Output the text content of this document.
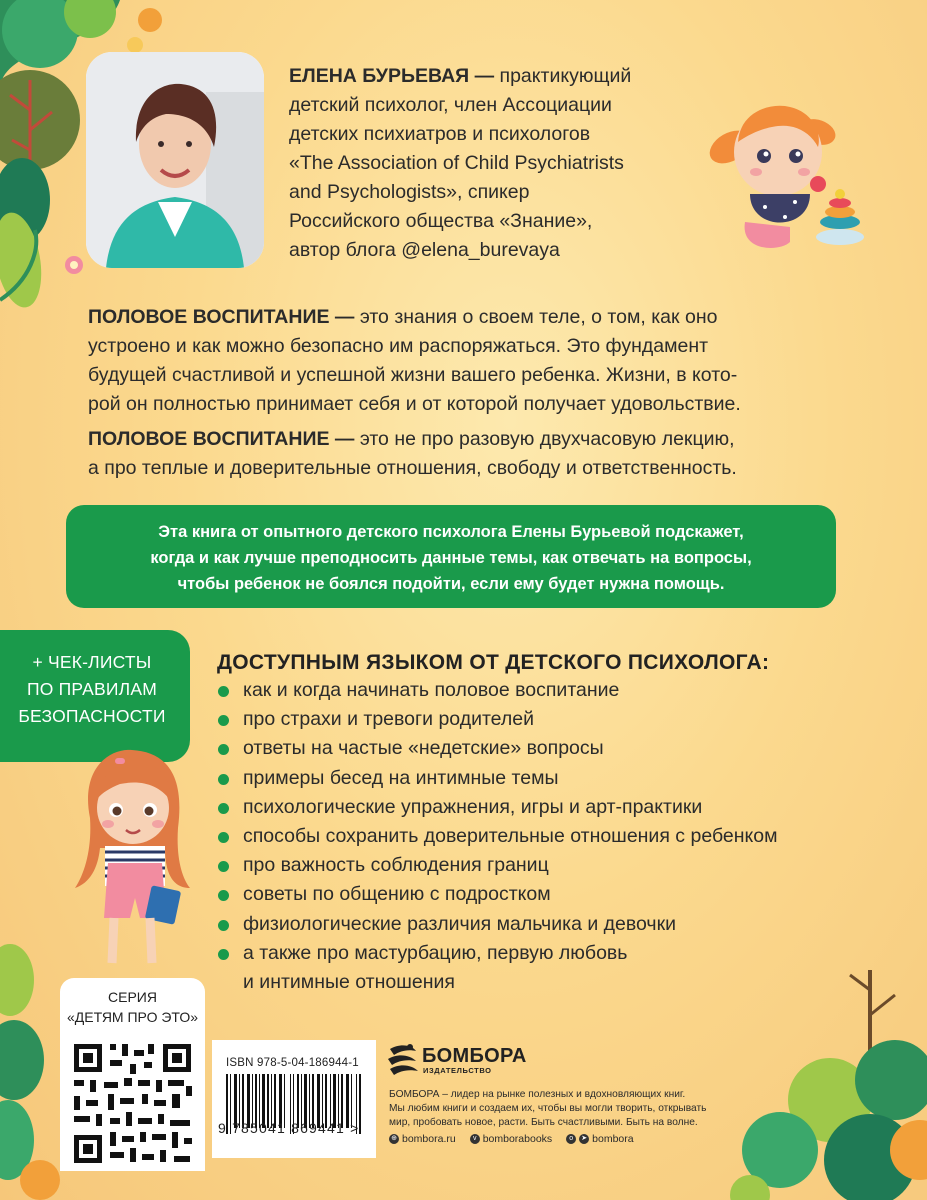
ЕЛЕНА БУРЬЕВАЯ — практикующий
детский психолог, член Ассоциации
детских психиатров и психологов
«The Association of Child Psychiatrists
and Psychologists», спикер
Российского общества «Знание»,
автор блога @elena_burevaya
ПОЛОВОЕ ВОСПИТАНИЕ — это знания о своем теле, о том, как оно
устроено и как можно безопасно им распоряжаться. Это фундамент
будущей счастливой и успешной жизни вашего ребенка. Жизни, в кото-
рой он полностью принимает себя и от которой получает удовольствие.
ПОЛОВОЕ ВОСПИТАНИЕ — это не про разовую двухчасовую лекцию,
а про теплые и доверительные отношения, свободу и ответственность.
Эта книга от опытного детского психолога Елены Бурьевой подскажет,
когда и как лучше преподносить данные темы, как отвечать на вопросы,
чтобы ребенок не боялся подойти, если ему будет нужна помощь.
+ ЧЕК-ЛИСТЫ
ПО ПРАВИЛАМ
БЕЗОПАСНОСТИ
ДОСТУПНЫМ ЯЗЫКОМ ОТ ДЕТСКОГО ПСИХОЛОГА:
как и когда начинать половое воспитание
про страхи и тревоги родителей
ответы на частые «недетские» вопросы
примеры бесед на интимные темы
психологические упражнения, игры и арт-практики
способы сохранить доверительные отношения с ребенком
про важность соблюдения границ
советы по общению с подростком
физиологические различия мальчика и девочки
а также про мастурбацию, первую любовь
и интимные отношения
СЕРИЯ
«ДЕТЯМ ПРО ЭТО»
ISBN 978-5-04-186944-1
9 785041 869441 >
БОМБОРА
ИЗДАТЕЛЬСТВО
БОМБОРА – лидер на рынке полезных и вдохновляющих книг.
Мы любим книги и создаем их, чтобы вы могли творить, открывать
мир, пробовать новое, расти. Быть счастливыми. Быть на волне.
⊕ bombora.ru	v bomborabooks	o	➤ bombora
